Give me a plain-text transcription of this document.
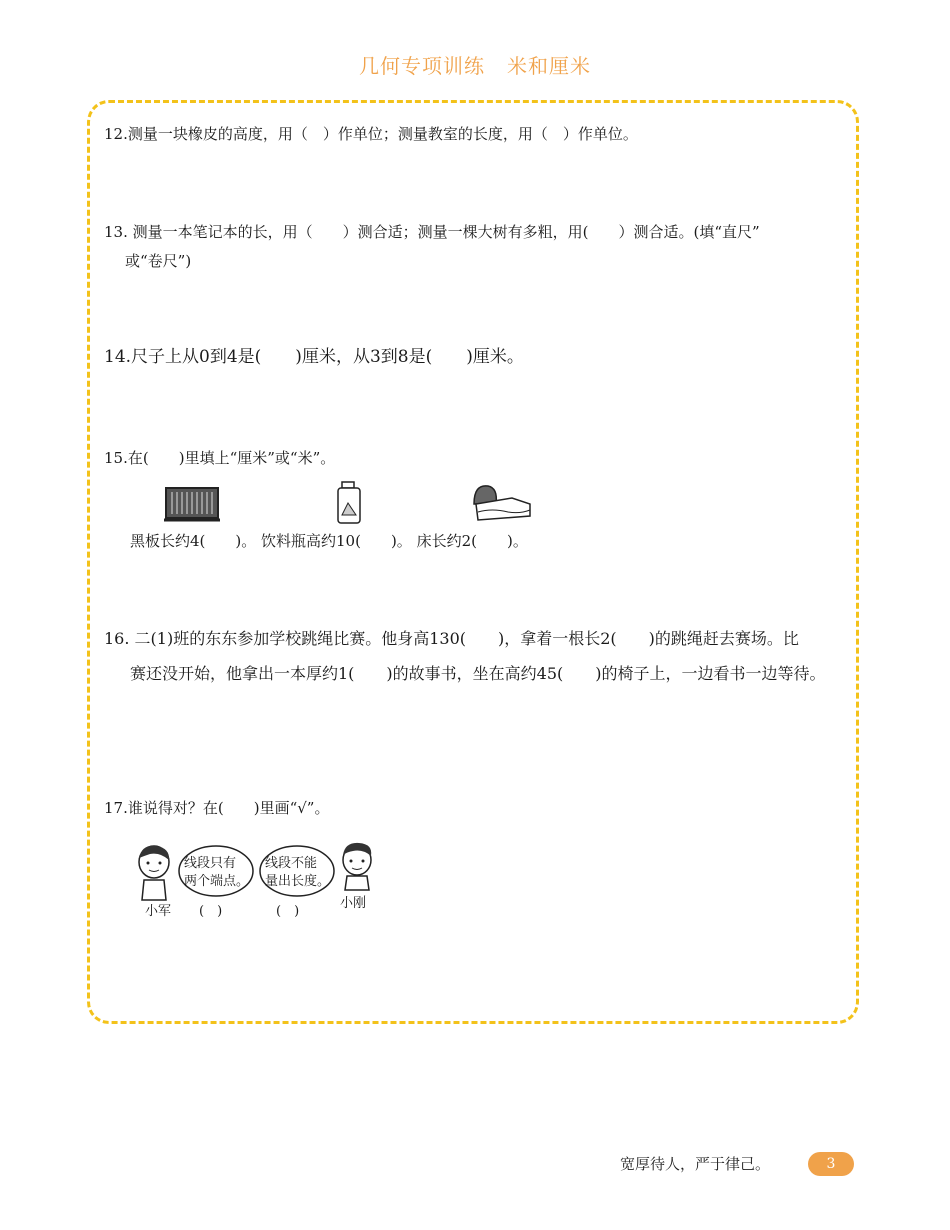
几何专项训练 米和厘米
12.测量一块橡皮的高度，用（　）作单位；测量教室的长度，用（　）作单位。
13. 测量一本笔记本的长，用（　　）测合适；测量一棵大树有多粗，用(　　）测合适。(填“直尺”
或“卷尺”)
14.尺子上从0到4是(　　)厘米，从3到8是(　　)厘米。
15.在(　　)里填上“厘米”或“米”。
黑板长约4(　　)。 饮料瓶高约10(　　)。 床长约2(　　)。
16. 二(1)班的东东参加学校跳绳比赛。他身高130(　　)，拿着一根长2(　　)的跳绳赶去赛场。比
赛还没开始，他拿出一本厚约1(　　)的故事书，坐在高约45(　　)的椅子上，一边看书一边等待。
17.谁说得对？在(　　)里画“√”。
线段只有
两个端点。
线段不能
量出长度。
小军 (　)	(　)
小刚
宽厚待人，严于律己。	3
